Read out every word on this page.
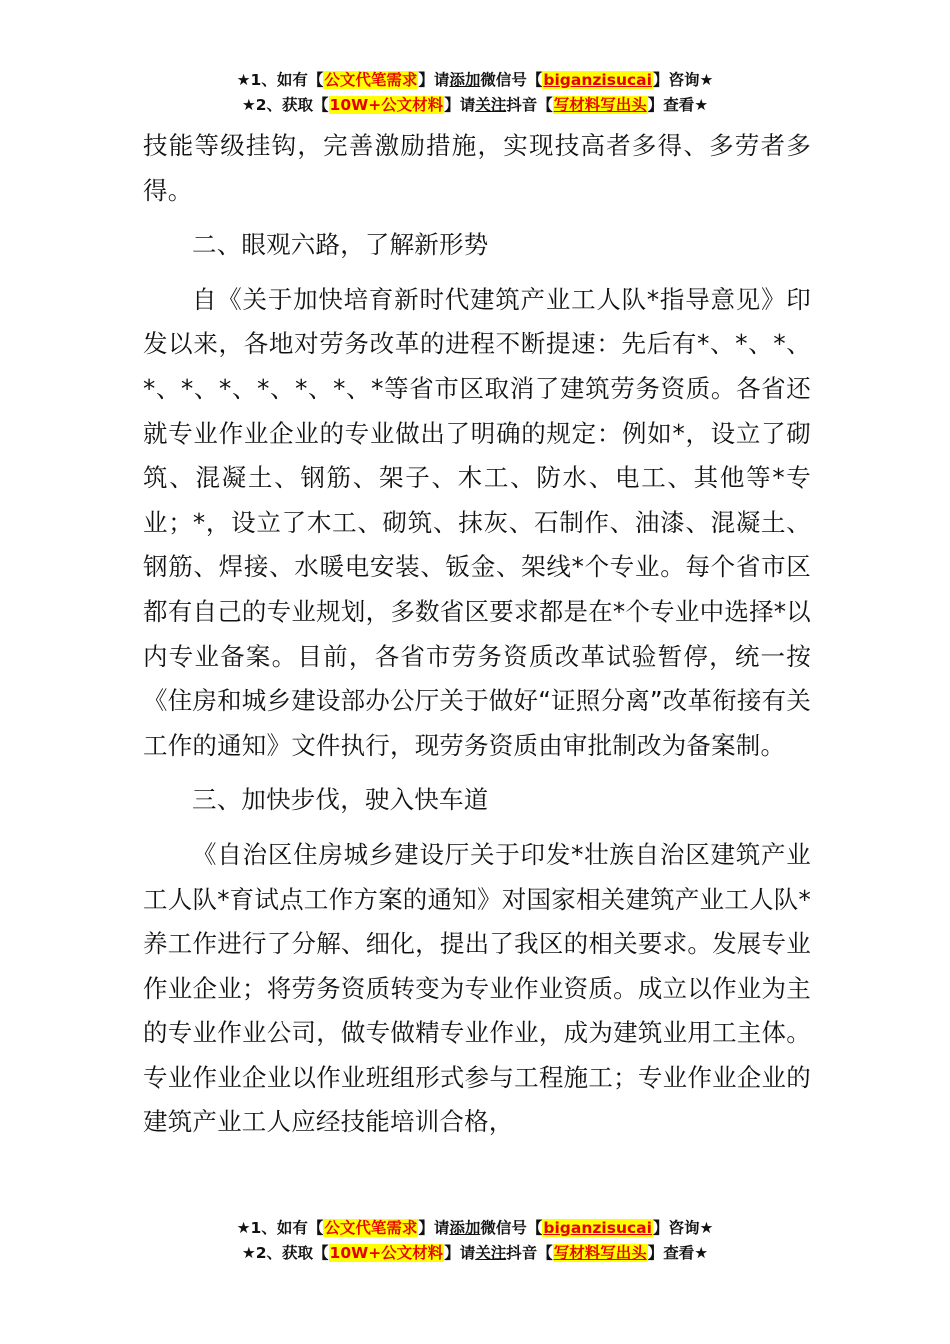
★1、如有【公文代笔需求】请添加微信号【biganzisucai】咨询★
★2、获取【10W+公文材料】请关注抖音【写材料写出头】查看★

技能等级挂钩，完善激励措施，实现技高者多得、多劳者多得。

二、眼观六路，了解新形势

自《关于加快培育新时代建筑产业工人队*指导意见》印发以来，各地对劳务改革的进程不断提速：先后有*、*、*、*、*、*、*、*、*、*等省市区取消了建筑劳务资质。各省还就专业作业企业的专业做出了明确的规定：例如*，设立了砌筑、混凝土、钢筋、架子、木工、防水、电工、其他等*专业；*，设立了木工、砌筑、抹灰、石制作、油漆、混凝土、钢筋、焊接、水暖电安装、钣金、架线*个专业。每个省市区都有自己的专业规划，多数省区要求都是在*个专业中选择*以内专业备案。目前，各省市劳务资质改革试验暂停，统一按《住房和城乡建设部办公厅关于做好“证照分离”改革衔接有关工作的通知》文件执行，现劳务资质由审批制改为备案制。

三、加快步伐，驶入快车道

《自治区住房城乡建设厅关于印发*壮族自治区建筑产业工人队*育试点工作方案的通知》对国家相关建筑产业工人队*养工作进行了分解、细化，提出了我区的相关要求。发展专业作业企业；将劳务资质转变为专业作业资质。成立以作业为主的专业作业公司，做专做精专业作业，成为建筑业用工主体。专业作业企业以作业班组形式参与工程施工；专业作业企业的建筑产业工人应经技能培训合格，

★1、如有【公文代笔需求】请添加微信号【biganzisucai】咨询★
★2、获取【10W+公文材料】请关注抖音【写材料写出头】查看★
